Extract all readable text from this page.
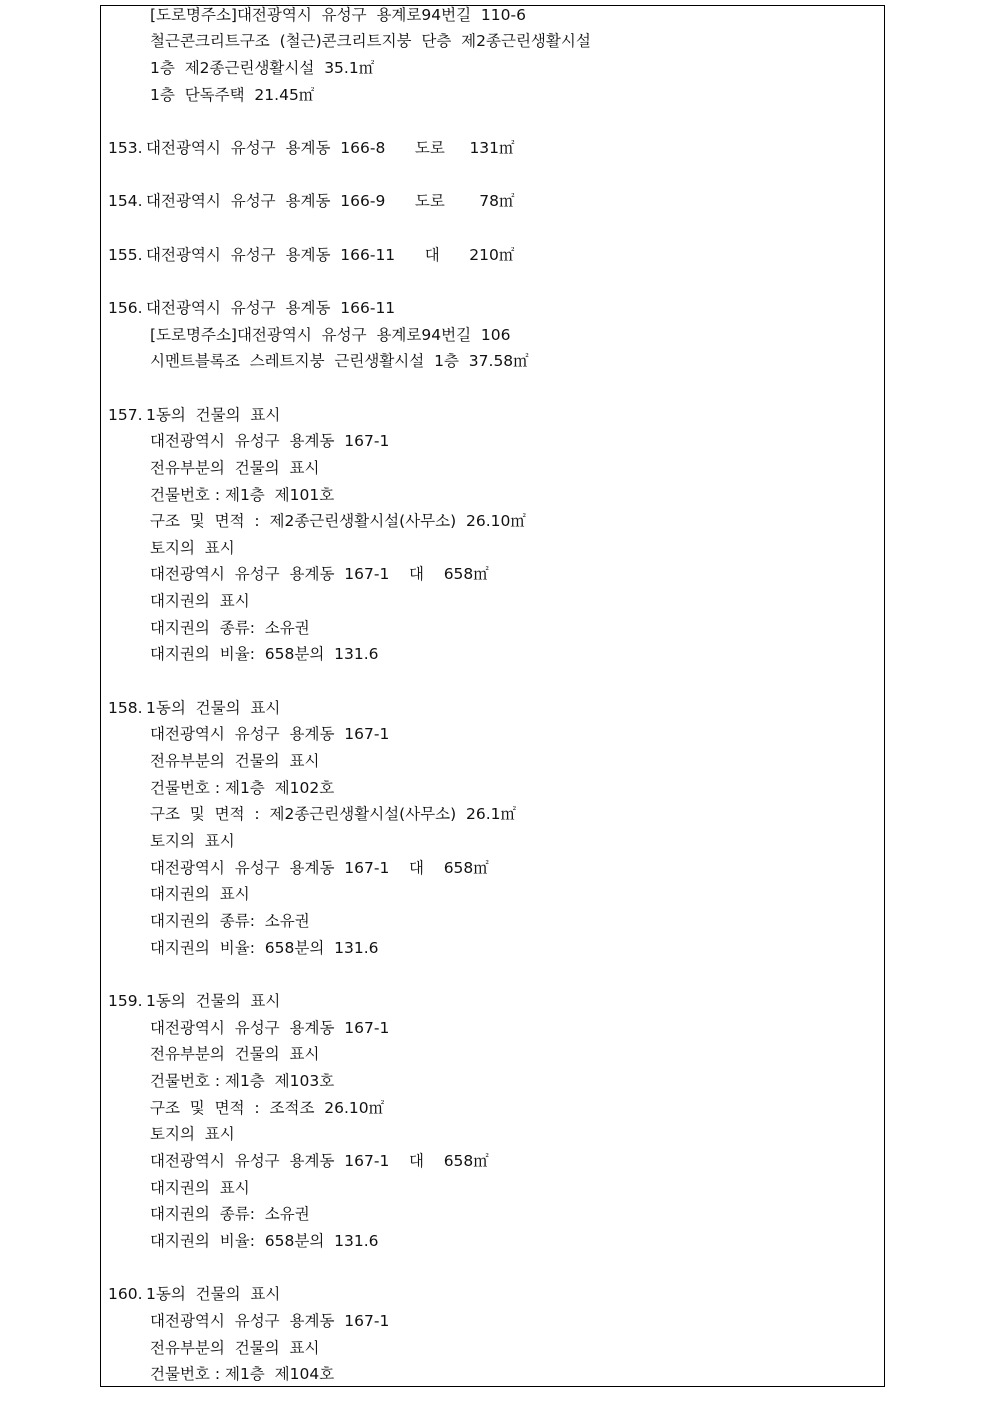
[도로명주소]대전광역시  유성구  용계로94번길  110-6
철근콘크리트구조  (철근)콘크리트지붕  단층  제2종근린생활시설
1층  제2종근린생활시설  35.1㎡
1층  단독주택  21.45㎡
153. 대전광역시  유성구  용계동  166-8      도로     131㎡
154. 대전광역시  유성구  용계동  166-9      도로       78㎡
155. 대전광역시  유성구  용계동  166-11      대      210㎡
156. 대전광역시  유성구  용계동  166-11
[도로명주소]대전광역시  유성구  용계로94번길  106
시멘트블록조  스레트지붕  근린생활시설  1층  37.58㎡
157. 1동의  건물의  표시
대전광역시  유성구  용계동  167-1
전유부분의  건물의  표시
건물번호 : 제1층  제101호
구조  및  면적  :  제2종근린생활시설(사무소)  26.10㎡
토지의  표시
대전광역시  유성구  용계동  167-1    대    658㎡
대지권의  표시
대지권의  종류:  소유권
대지권의  비율:  658분의  131.6
158. 1동의  건물의  표시
대전광역시  유성구  용계동  167-1
전유부분의  건물의  표시
건물번호 : 제1층  제102호
구조  및  면적  :  제2종근린생활시설(사무소)  26.1㎡
토지의  표시
대전광역시  유성구  용계동  167-1    대    658㎡
대지권의  표시
대지권의  종류:  소유권
대지권의  비율:  658분의  131.6
159. 1동의  건물의  표시
대전광역시  유성구  용계동  167-1
전유부분의  건물의  표시
건물번호 : 제1층  제103호
구조  및  면적  :  조적조  26.10㎡
토지의  표시
대전광역시  유성구  용계동  167-1    대    658㎡
대지권의  표시
대지권의  종류:  소유권
대지권의  비율:  658분의  131.6
160. 1동의  건물의  표시
대전광역시  유성구  용계동  167-1
전유부분의  건물의  표시
건물번호 : 제1층  제104호
